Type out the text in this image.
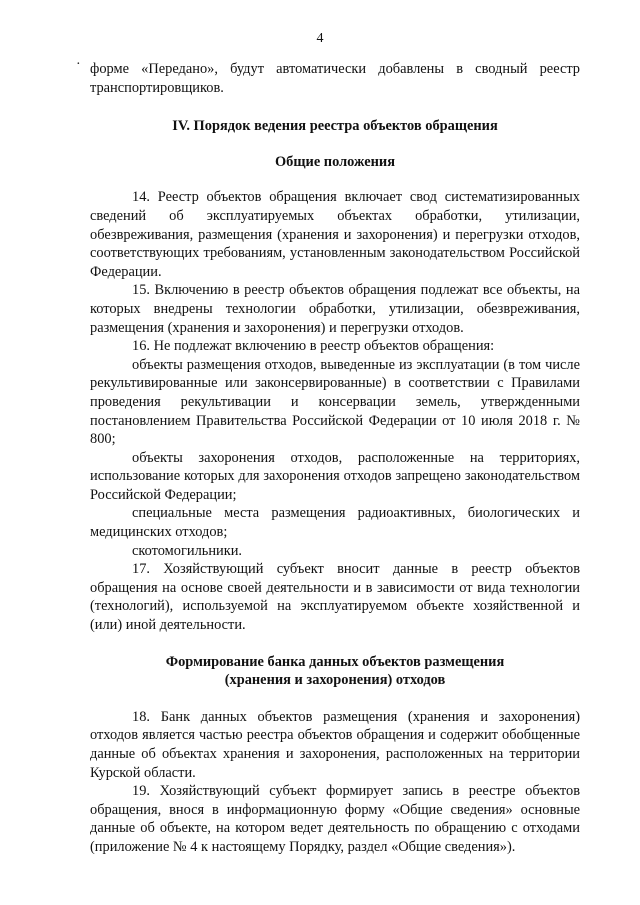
4
· форме «Передано», будут автоматически добавлены в сводный реестр транспортировщиков.

IV. Порядок ведения реестра объектов обращения
Общие положения

14. Реестр объектов обращения включает свод систематизированных сведений об эксплуатируемых объектах обработки, утилизации, обезвреживания, размещения (хранения и захоронения) и перегрузки отходов, соответствующих требованиям, установленным законодательством Российской Федерации.

15. Включению в реестр объектов обращения подлежат все объекты, на которых внедрены технологии обработки, утилизации, обезвреживания, размещения (хранения и захоронения) и перегрузки отходов.

16. Не подлежат включению в реестр объектов обращения:

объекты размещения отходов, выведенные из эксплуатации (в том числе рекультивированные или законсервированные) в соответствии с Правилами проведения рекультивации и консервации земель, утвержденными постановлением Правительства Российской Федерации от 10 июля 2018 г. № 800;

объекты захоронения отходов, расположенные на территориях, использование которых для захоронения отходов запрещено законодательством Российской Федерации;

специальные места размещения радиоактивных, биологических и медицинских отходов;

скотомогильники.

17. Хозяйствующий субъект вносит данные в реестр объектов обращения на основе своей деятельности и в зависимости от вида технологии (технологий), используемой на эксплуатируемом объекте хозяйственной и (или) иной деятельности.

Формирование банка данных объектов размещения
(хранения и захоронения) отходов

18. Банк данных объектов размещения (хранения и захоронения) отходов является частью реестра объектов обращения и содержит обобщенные данные об объектах хранения и захоронения, расположенных на территории Курской области.

19. Хозяйствующий субъект формирует запись в реестре объектов обращения, внося в информационную форму «Общие сведения» основные данные об объекте, на котором ведет деятельность по обращению с отходами (приложение № 4 к настоящему Порядку, раздел «Общие сведения»).
